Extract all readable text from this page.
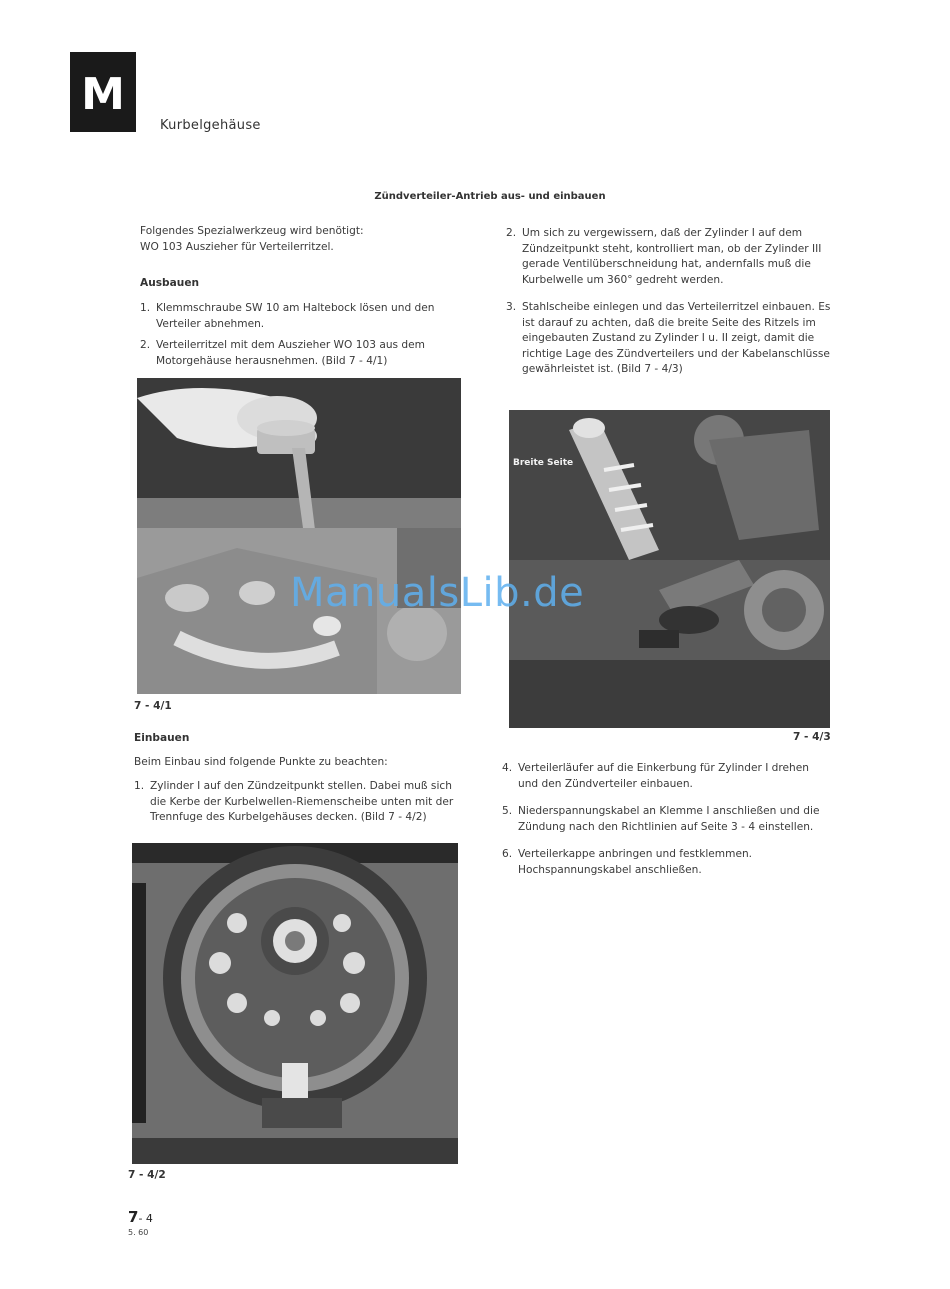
M
Kurbelgehäuse
Zündverteiler-Antrieb aus- und einbauen
Folgendes Spezialwerkzeug wird benötigt:
WO 103 Auszieher für Verteilerritzel.
Ausbauen
1. Klemmschraube SW 10 am Haltebock lösen und den Verteiler abnehmen.
2. Verteilerritzel mit dem Auszieher WO 103 aus dem Motorgehäuse herausnehmen. (Bild 7 - 4/1)
7 - 4/1
Einbauen
Beim Einbau sind folgende Punkte zu beachten:
1. Zylinder I auf den Zündzeitpunkt stellen. Dabei muß sich die Kerbe der Kurbelwellen-Riemenscheibe unten mit der Trennfuge des Kurbelgehäuses decken. (Bild 7 - 4/2)
7 - 4/2
2. Um sich zu vergewissern, daß der Zylinder I auf dem Zündzeitpunkt steht, kontrolliert man, ob der Zylinder III gerade Ventilüberschneidung hat, andernfalls muß die Kurbelwelle um 360° gedreht werden.
3. Stahlscheibe einlegen und das Verteilerritzel einbauen. Es ist darauf zu achten, daß die breite Seite des Ritzels im eingebauten Zustand zu Zylinder I u. II zeigt, damit die richtige Lage des Zündverteilers und der Kabelanschlüsse gewährleistet ist. (Bild 7 - 4/3)
Breite Seite
7 - 4/3
4. Verteilerläufer auf die Einkerbung für Zylinder I drehen und den Zündverteiler einbauen.
5. Niederspannungskabel an Klemme I anschließen und die Zündung nach den Richtlinien auf Seite 3 - 4 einstellen.
6. Verteilerkappe anbringen und festklemmen. Hochspannungskabel anschließen.
ManualsLib.de
7- 4
5. 60
